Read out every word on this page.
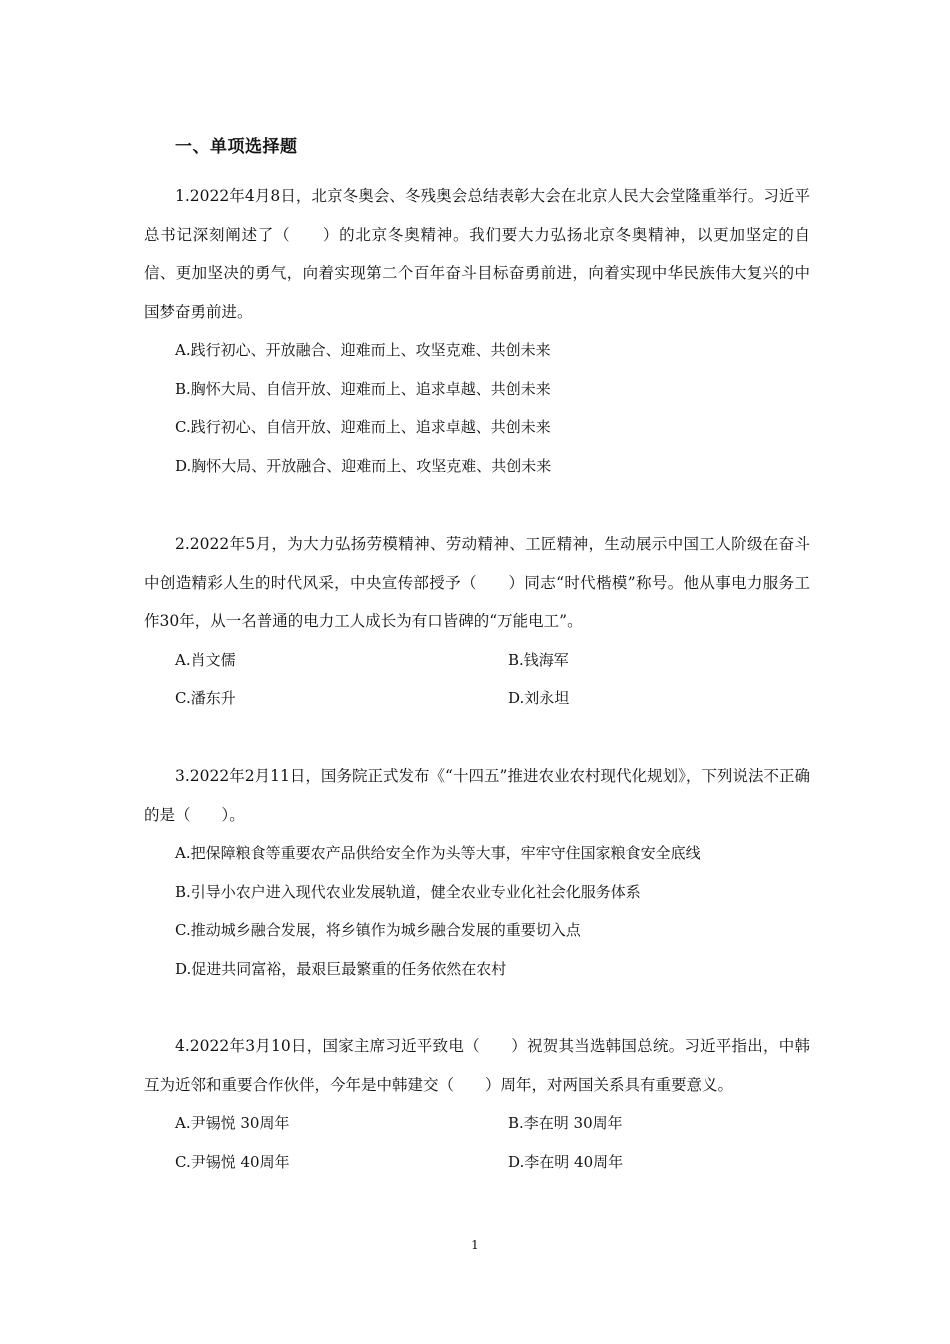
一、单项选择题

1.2022年4月8日，北京冬奥会、冬残奥会总结表彰大会在北京人民大会堂隆重举行。习近平总书记深刻阐述了（　　）的北京冬奥精神。我们要大力弘扬北京冬奥精神，以更加坚定的自信、更加坚决的勇气，向着实现第二个百年奋斗目标奋勇前进，向着实现中华民族伟大复兴的中国梦奋勇前进。

A.践行初心、开放融合、迎难而上、攻坚克难、共创未来
B.胸怀大局、自信开放、迎难而上、追求卓越、共创未来
C.践行初心、自信开放、迎难而上、追求卓越、共创未来
D.胸怀大局、开放融合、迎难而上、攻坚克难、共创未来

2.2022年5月，为大力弘扬劳模精神、劳动精神、工匠精神，生动展示中国工人阶级在奋斗中创造精彩人生的时代风采，中央宣传部授予（　　）同志“时代楷模”称号。他从事电力服务工作30年，从一名普通的电力工人成长为有口皆碑的“万能电工”。

A.肖文儒	B.钱海军
C.潘东升	D.刘永坦

3.2022年2月11日，国务院正式发布《“十四五”推进农业农村现代化规划》，下列说法不正确的是（　　）。

A.把保障粮食等重要农产品供给安全作为头等大事，牢牢守住国家粮食安全底线
B.引导小农户进入现代农业发展轨道，健全农业专业化社会化服务体系
C.推动城乡融合发展，将乡镇作为城乡融合发展的重要切入点
D.促进共同富裕，最艰巨最繁重的任务依然在农村

4.2022年3月10日，国家主席习近平致电（　　）祝贺其当选韩国总统。习近平指出，中韩互为近邻和重要合作伙伴，今年是中韩建交（　　）周年，对两国关系具有重要意义。

A.尹锡悦 30周年	B.李在明 30周年
C.尹锡悦 40周年	D.李在明 40周年
1
